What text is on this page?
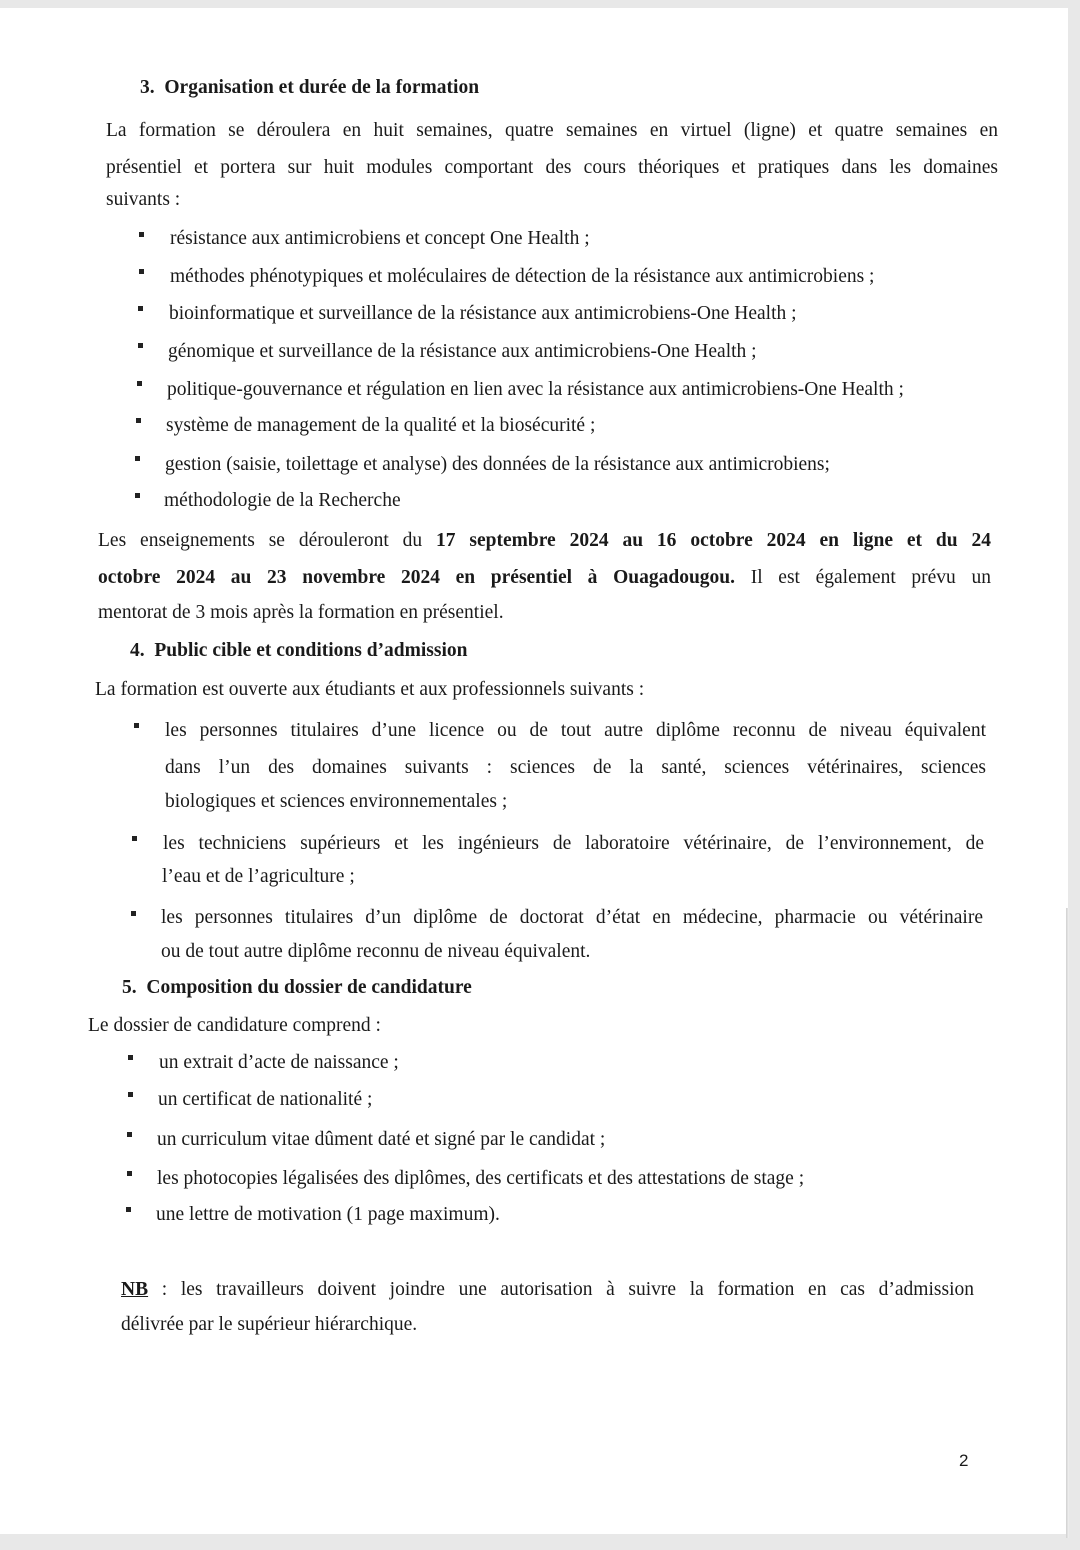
3. Organisation et durée de la formation
La formation se déroulera en huit semaines, quatre semaines en virtuel (ligne) et quatre semaines en
présentiel et portera sur huit modules comportant des cours théoriques et pratiques dans les domaines
suivants :
résistance aux antimicrobiens et concept One Health ;
méthodes phénotypiques et moléculaires de détection de la résistance aux antimicrobiens ;
bioinformatique et surveillance de la résistance aux antimicrobiens-One Health ;
génomique et surveillance de la résistance aux antimicrobiens-One Health ;
politique-gouvernance et régulation en lien avec la résistance aux antimicrobiens-One Health ;
système de management de la qualité et la biosécurité ;
gestion (saisie, toilettage et analyse) des données de la résistance aux antimicrobiens;
méthodologie de la Recherche
Les enseignements se dérouleront du 17 septembre 2024 au 16 octobre 2024 en ligne et du 24
octobre 2024 au 23 novembre 2024 en présentiel à Ouagadougou. Il est également prévu un
mentorat de 3 mois après la formation en présentiel.
4. Public cible et conditions d’admission
La formation est ouverte aux étudiants et aux professionnels suivants :
les personnes titulaires d’une licence ou de tout autre diplôme reconnu de niveau équivalent
dans l’un des domaines suivants : sciences de la santé, sciences vétérinaires, sciences
biologiques et sciences environnementales ;
les techniciens supérieurs et les ingénieurs de laboratoire vétérinaire, de l’environnement, de
l’eau et de l’agriculture ;
les personnes titulaires d’un diplôme de doctorat d’état en médecine, pharmacie ou vétérinaire
ou de tout autre diplôme reconnu de niveau équivalent.
5. Composition du dossier de candidature
Le dossier de candidature comprend :
un extrait d’acte de naissance ;
un certificat de nationalité ;
un curriculum vitae dûment daté et signé par le candidat ;
les photocopies légalisées des diplômes, des certificats et des attestations de stage ;
une lettre de motivation (1 page maximum).
NB : les travailleurs doivent joindre une autorisation à suivre la formation en cas d’admission
délivrée par le supérieur hiérarchique.
2
